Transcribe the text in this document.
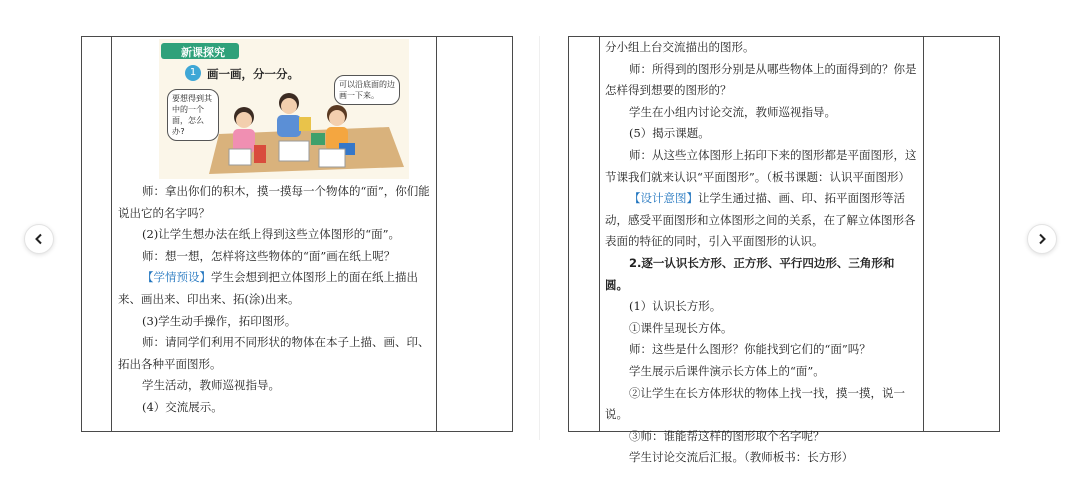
新课探究
1 画一画，分一分。
要想得到其中的一个面，怎么办?
可以沿底面的边画一下来。

师：拿出你们的积木，摸一摸每一个物体的“面”，你们能说出它的名字吗？

(2)让学生想办法在纸上得到这些立体图形的“面”。

师：想一想，怎样将这些物体的“面”画在纸上呢？

【学情预设】学生会想到把立体图形上的面在纸上描出来、画出来、印出来、拓(涂)出来。

(3)学生动手操作，拓印图形。

师：请同学们利用不同形状的物体在本子上描、画、印、拓出各种平面图形。

学生活动，教师巡视指导。

(4）交流展示。

分小组上台交流描出的图形。

师：所得到的图形分别是从哪些物体上的面得到的？你是怎样得到想要的图形的？

学生在小组内讨论交流，教师巡视指导。

(5）揭示课题。

师：从这些立体图形上拓印下来的图形都是平面图形，这节课我们就来认识“平面图形”。（板书课题：认识平面图形）

【设计意图】让学生通过描、画、印、拓平面图形等活动，感受平面图形和立体图形之间的关系，在了解立体图形各表面的特征的同时，引入平面图形的认识。

2.逐一认识长方形、正方形、平行四边形、三角形和圆。

(1）认识长方形。

①课件呈现长方体。

师：这些是什么图形？你能找到它们的“面”吗？

学生展示后课件演示长方体上的“面”。

②让学生在长方体形状的物体上找一找，摸一摸，说一说。

③师：谁能帮这样的图形取个名字呢？

学生讨论交流后汇报。（教师板书：长方形）
